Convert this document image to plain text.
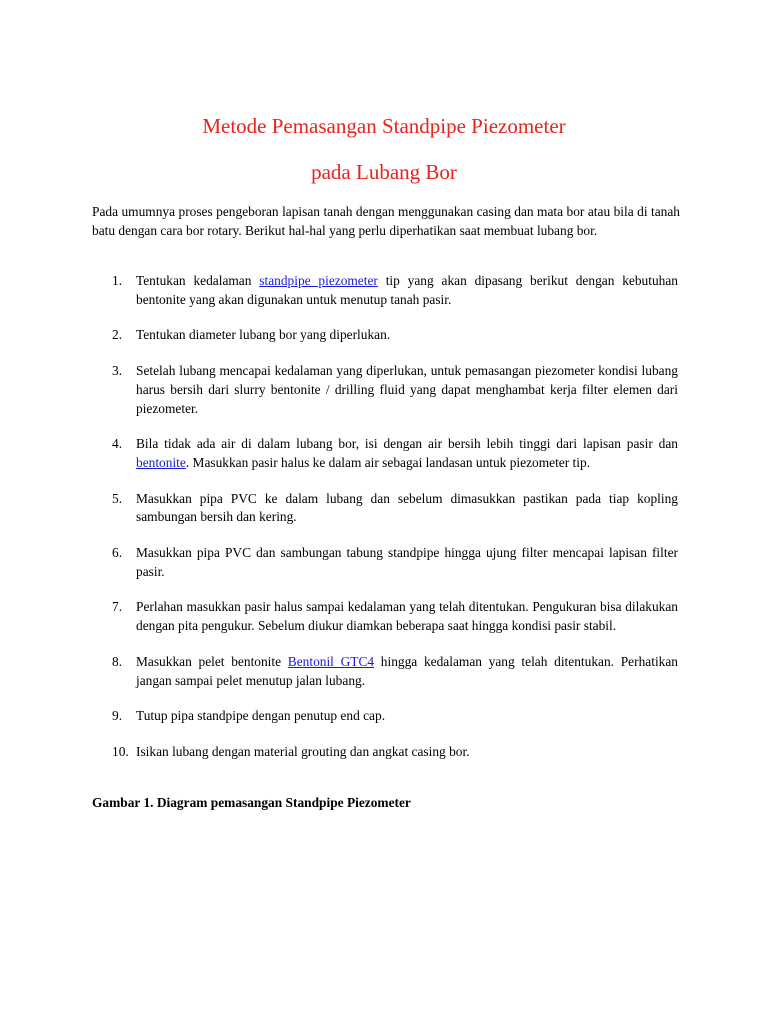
Metode Pemasangan Standpipe Piezometer
pada Lubang Bor

Pada umumnya proses pengeboran lapisan tanah dengan menggunakan casing dan mata bor atau bila di tanah batu dengan cara bor rotary. Berikut hal-hal yang perlu diperhatikan saat membuat lubang bor.

1. Tentukan kedalaman standpipe piezometer tip yang akan dipasang berikut dengan kebutuhan bentonite yang akan digunakan untuk menutup tanah pasir.
2. Tentukan diameter lubang bor yang diperlukan.
3. Setelah lubang mencapai kedalaman yang diperlukan, untuk pemasangan piezometer kondisi lubang harus bersih dari slurry bentonite / drilling fluid yang dapat menghambat kerja filter elemen dari piezometer.
4. Bila tidak ada air di dalam lubang bor, isi dengan air bersih lebih tinggi dari lapisan pasir dan bentonite. Masukkan pasir halus ke dalam air sebagai landasan untuk piezometer tip.
5. Masukkan pipa PVC ke dalam lubang dan sebelum dimasukkan pastikan pada tiap kopling sambungan bersih dan kering.
6. Masukkan pipa PVC dan sambungan tabung standpipe hingga ujung filter mencapai lapisan filter pasir.
7. Perlahan masukkan pasir halus sampai kedalaman yang telah ditentukan. Pengukuran bisa dilakukan dengan pita pengukur. Sebelum diukur diamkan beberapa saat hingga kondisi pasir stabil.
8. Masukkan pelet bentonite Bentonil GTC4 hingga kedalaman yang telah ditentukan. Perhatikan jangan sampai pelet menutup jalan lubang.
9. Tutup pipa standpipe dengan penutup end cap.
10. Isikan lubang dengan material grouting dan angkat casing bor.

Gambar 1. Diagram pemasangan Standpipe Piezometer
